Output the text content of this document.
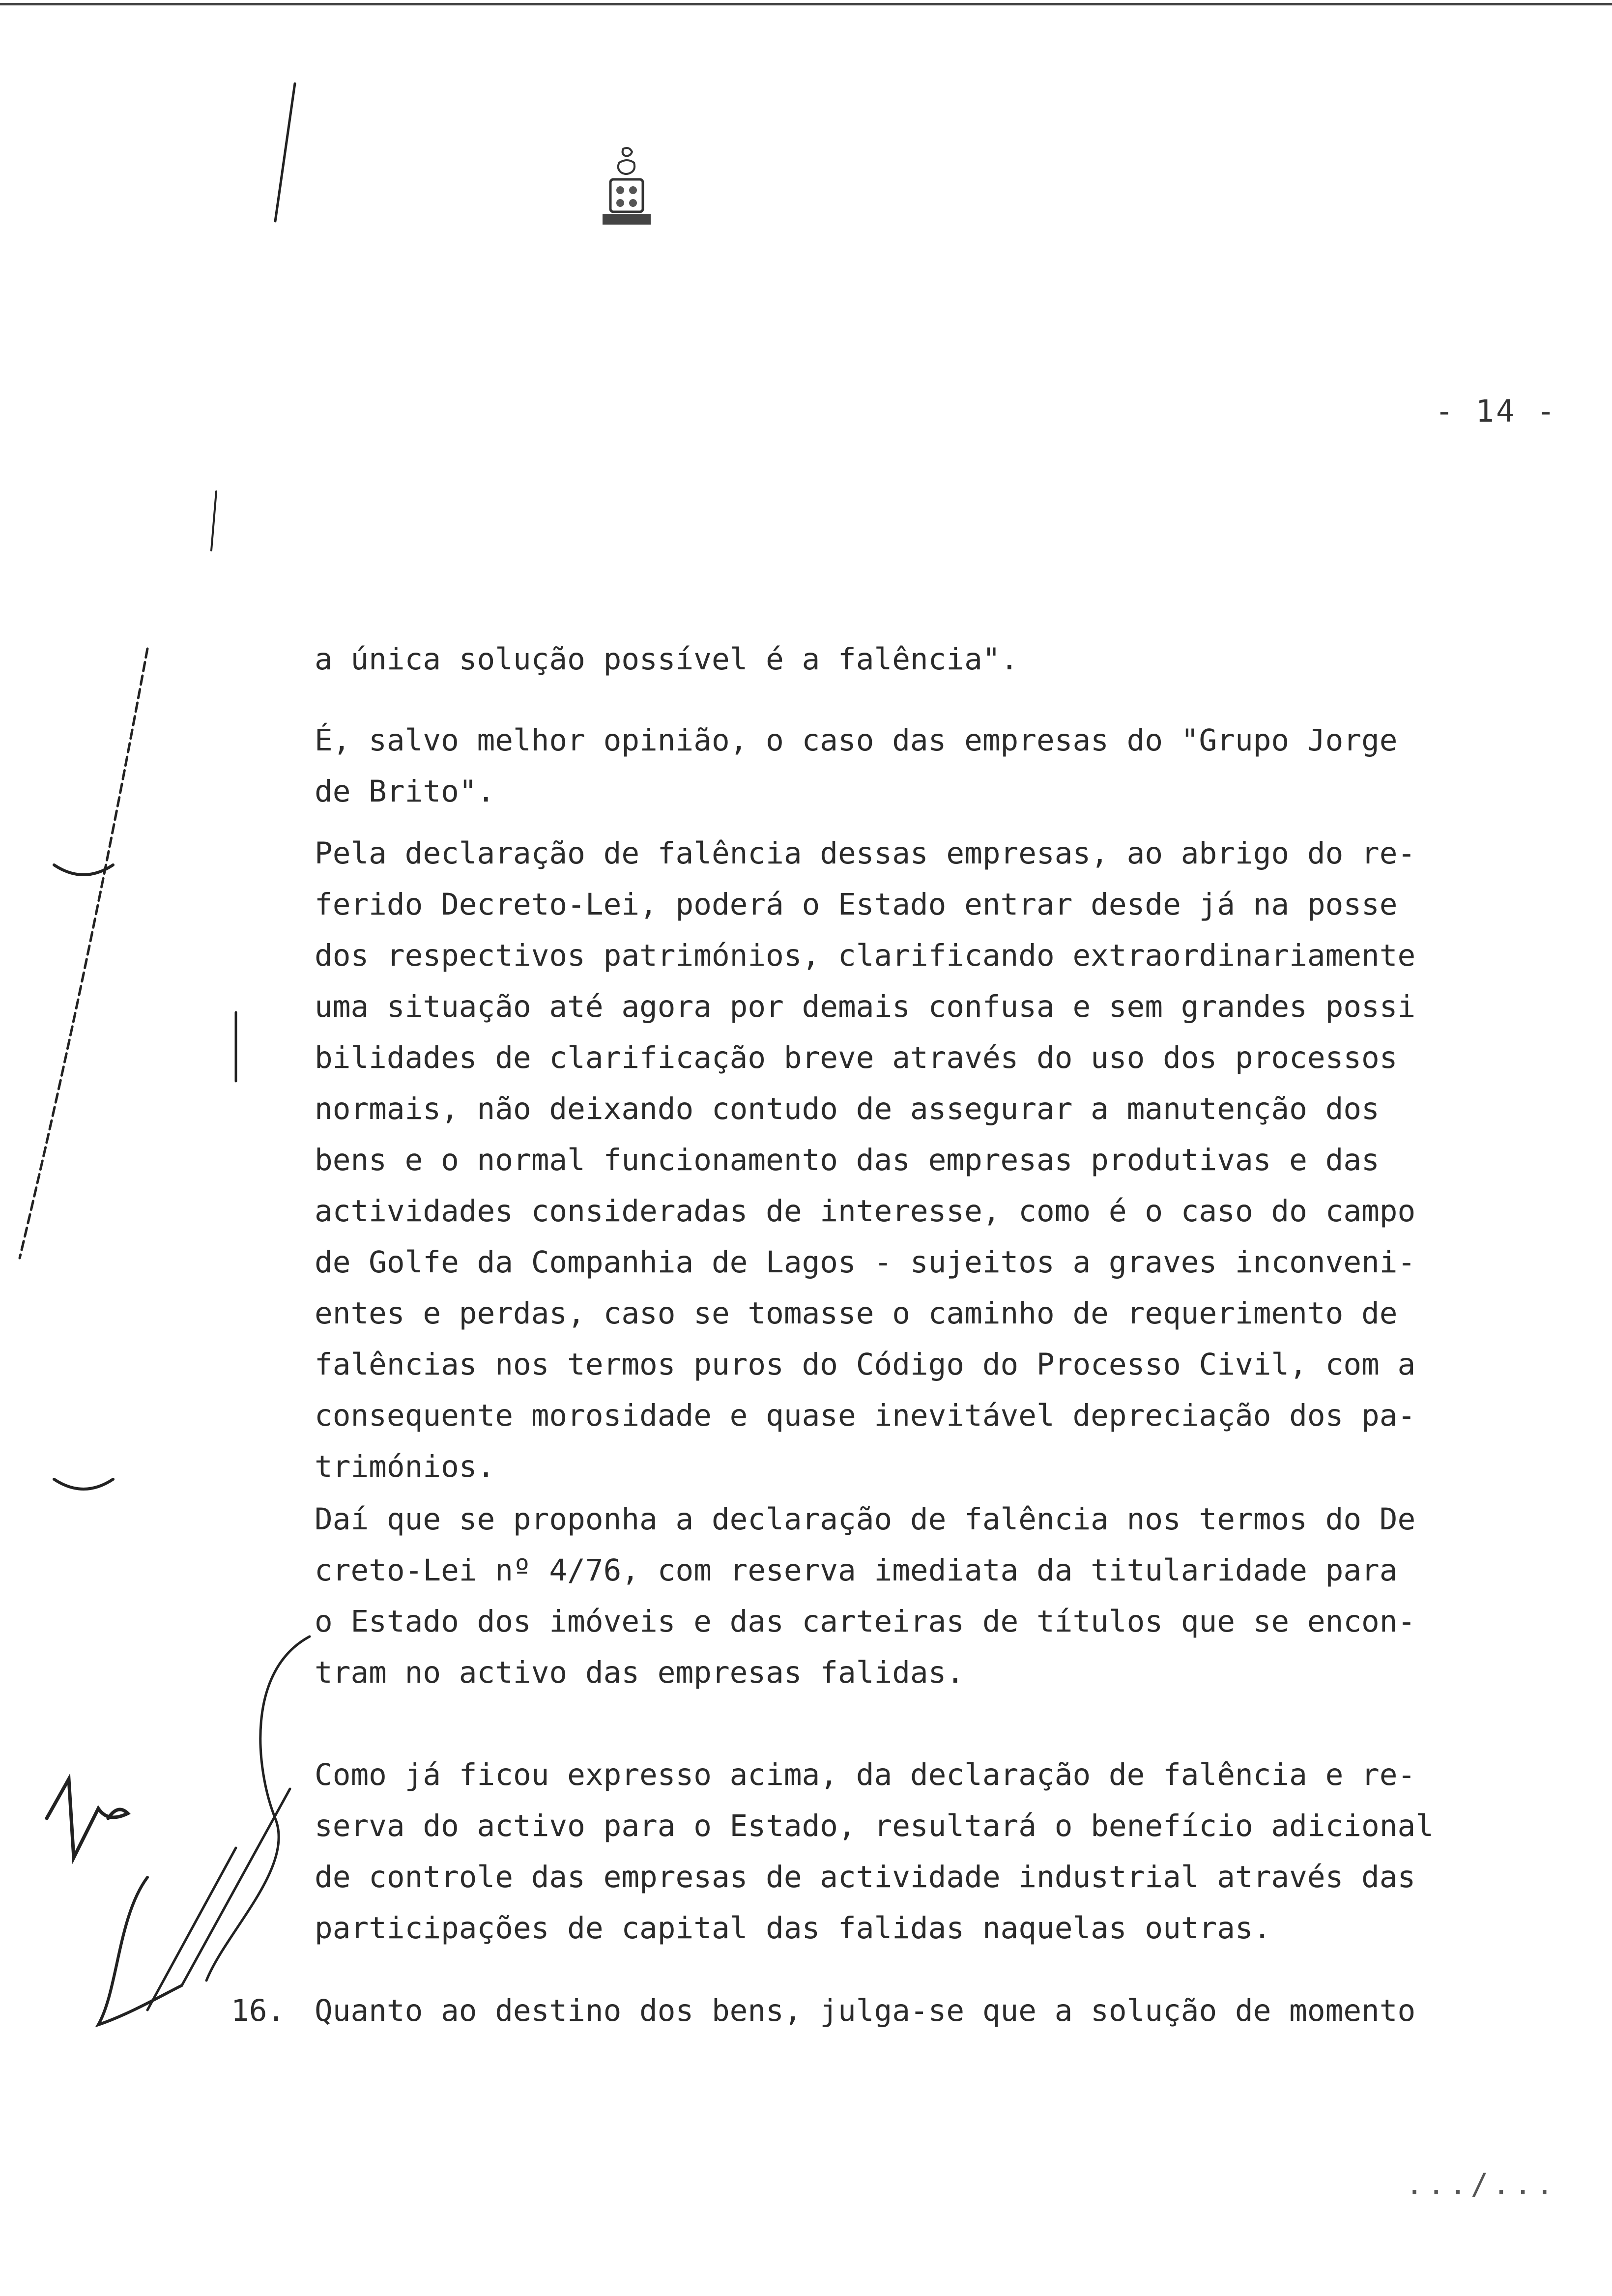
- 14 -
a única solução possível é a falência".
É, salvo melhor opinião, o caso das empresas do "Grupo Jorge
de Brito".
Pela declaração de falência dessas empresas, ao abrigo do re-
ferido Decreto-Lei, poderá o Estado entrar desde já na posse
dos respectivos patrimónios, clarificando extraordinariamente
uma situação até agora por demais confusa e sem grandes possi
bilidades de clarificação breve através do uso dos processos
normais, não deixando contudo de assegurar a manutenção dos
bens e o normal funcionamento das empresas produtivas e das
actividades consideradas de interesse, como é o caso do campo
de Golfe da Companhia de Lagos - sujeitos a graves inconveni-
entes e perdas, caso se tomasse o caminho de requerimento de
falências nos termos puros do Código do Processo Civil, com a
consequente morosidade e quase inevitável depreciação dos pa-
trimónios.
Daí que se proponha a declaração de falência nos termos do De
creto-Lei nº 4/76, com reserva imediata da titularidade para
o Estado dos imóveis e das carteiras de títulos que se encon-
tram no activo das empresas falidas.
Como já ficou expresso acima, da declaração de falência e re-
serva do activo para o Estado, resultará o benefício adicional
de controle das empresas de actividade industrial através das
participações de capital das falidas naquelas outras.
16. Quanto ao destino dos bens, julga-se que a solução de momento
.../...
